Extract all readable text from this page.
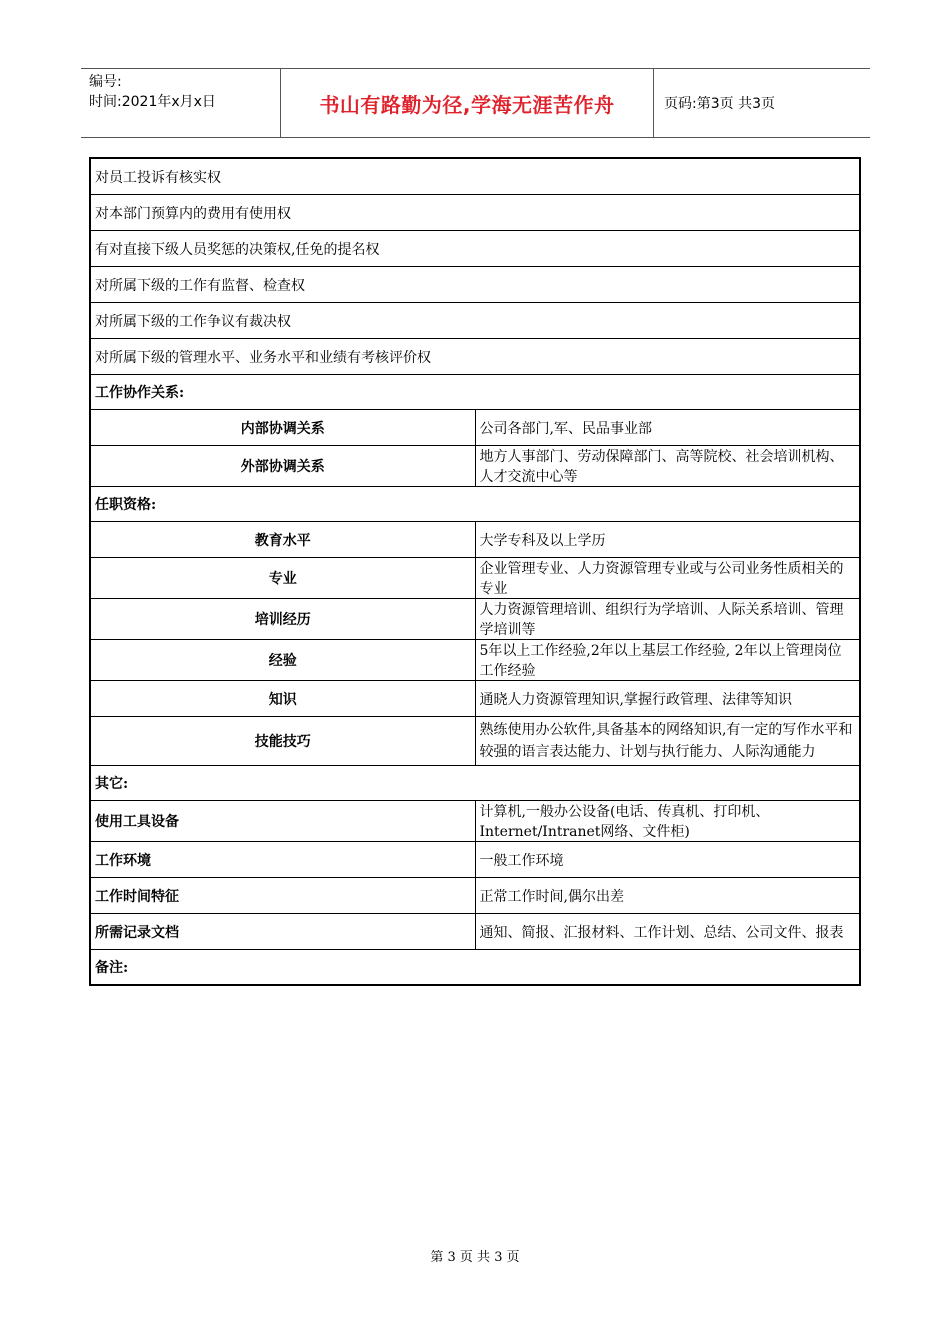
编号:
时间:2021年x月x日	书山有路勤为径,学海无涯苦作舟	页码:第3页 共3页
对员工投诉有核实权	
对本部门预算内的费用有使用权	
有对直接下级人员奖惩的决策权,任免的提名权	
对所属下级的工作有监督、检查权	
对所属下级的工作争议有裁决权	
对所属下级的管理水平、业务水平和业绩有考核评价权	
工作协作关系:	
内部协调关系	公司各部门,军、民品事业部
外部协调关系	地方人事部门、劳动保障部门、高等院校、社会培训机构、人才交流中心等
任职资格:	
教育水平	大学专科及以上学历
专业	企业管理专业、人力资源管理专业或与公司业务性质相关的专业
培训经历	人力资源管理培训、组织行为学培训、人际关系培训、管理学培训等
经验	5年以上工作经验,2年以上基层工作经验, 2年以上管理岗位工作经验
知识	通晓人力资源管理知识,掌握行政管理、法律等知识
技能技巧	熟练使用办公软件,具备基本的网络知识,有一定的写作水平和较强的语言表达能力、计划与执行能力、人际沟通能力
其它:	
使用工具设备	计算机,一般办公设备(电话、传真机、打印机、Internet/Intranet网络、文件柜)
工作环境	一般工作环境
工作时间特征	正常工作时间,偶尔出差
所需记录文档	通知、简报、汇报材料、工作计划、总结、公司文件、报表
备注:	
第 3 页 共 3 页
